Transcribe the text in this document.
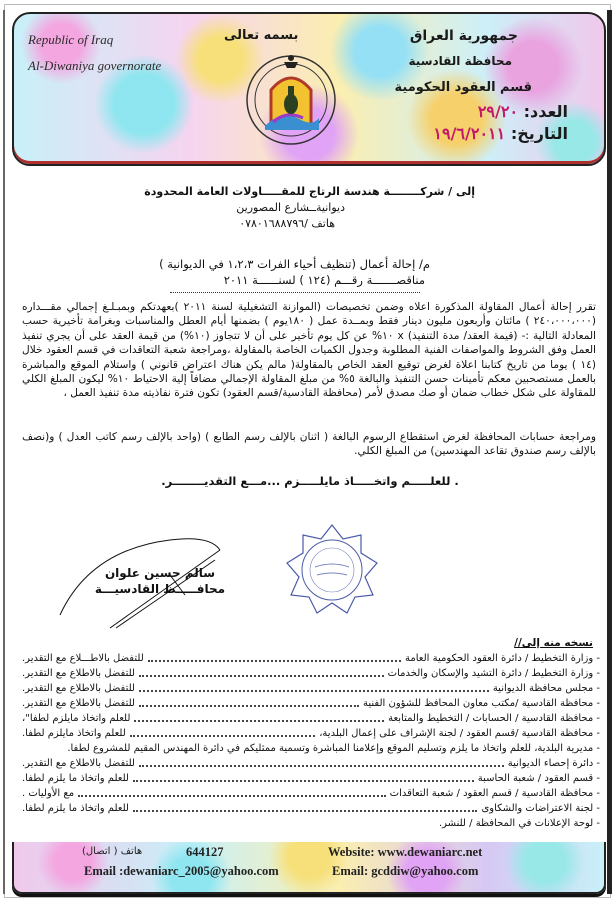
Republic of Iraq
Al-Diwaniya governorate
بسمه تعالى	جمهورية العراق
محافظة القادسية
قسم العقود الحكومية
العدد: ٢٩/٢٠
التاريخ: ١٩/٦/٢٠١١
إلى / شركــــــــة هندسة الرتاج للمقـــــاولات العامة المحدودة
ديوانيةــشارع المصورين
هاتف /٠٧٨٠١٦٨٨٧٩٦
م/ إحالة أعمال (تنظيف أحياء الفرات ١،٢،٣ في الديوانية )
مناقصـــــــة رقـــم (١٢٤ ) لسنــــــة ٢٠١١
تقرر إحالة أعمال المقاولة المذكورة اعلاه وضمن تخصيصات (الموازنة التشغيلية لسنة ٢٠١١ )بعهدتكم وبمبـلـغ إجمالي مقـــداره (٢٤٠،٠٠٠،٠٠٠ ) مائتان وأربعون مليون دينار فقط وبمــدة عمل ( ١٨٠يوم ) بضمنها أيام العطل والمناسبات وبغرامة تأخيرية حسب المعادلة التالية :- (قيمة العقد/ مدة التنفيذ) x ١٠% عن كل يوم تأخير على أن لا تتجاوز (١٠%) من قيمة العقد على أن يجري تنفيذ العمل وفق الشروط والمواصفات الفنية المطلوبة وجدول الكميات الخاصة بالمقاولة ،ومراجعة شعبة التعاقدات في قسم العقود خلال (١٤ ) يوما من تاريخ كتابنا اعلاة لغرض توقيع العقد الخاص بالمقاولة( مالم يكن هناك اعتراض قانوني ) واستلام الموقع والمباشرة بالعمل مستصحبين معكم تأمينات حسن التنفيذ والبالغة ٥% من مبلغ المقاولة الإجمالي مضافاً إلية الاحتياط ١٠% ليكون المبلغ الكلي للمقاولة على شكل خطاب ضمان أو صك مصدق لأمر (محافظة القادسية/قسم العقود) تكون فترة نفاذيته مدة تنفيذ العمل ،
ومراجعة حسابات المحافظة لغرض استقطاع الرسوم البالغة ( اثنان بالإلف رسم الطابع ) (واحد بالإلف رسم كاتب العدل ) و(نصف بالإلف رسم صندوق تقاعد المهندسين) من المبلغ الكلي.
. للعلـــــم واتخـــــاذ مايلـــــزم ...مـــع التقديــــــــر.
سالم حسين علوان
محافـــــظ القادسيـــة
نسخه منه إلى//
- وزارة التخطيط / دائرة العقود الحكومية العامة
للتفضل بالاطـــلاع مع التقدير.
- وزارة التخطيط / دائرة التشيد والإسكان والخدمات
للتفضل بالاطلاع مع التقدير.
- مجلس محافظة الديوانية
للتفضل بالاطلاع مع التقدير.
- محافظة القادسية /مكتب معاون المحافظ للشؤون الفنية
للتفضل بالاطلاع مع التقدير.
- محافظة القادسية / الحسابات / التخطيط والمتابعة
للعلم واتخاذ مايلزم لطفا"،
- محافظة القادسية /قسم العقود / لجنة الإشراف على إعمال البلدية،
للعلم واتخاذ مايلزم لطفا.
- مديرية البلدية، للعلم واتخاذ ما يلزم وتسليم الموقع وإعلامنا المباشرة وتسمية ممثليكم في دائرة المهندس المقيم للمشروع لطفا.
- دائرة إحصاء الديوانية
للتفضل بالاطلاع مع التقدير.
- قسم العقود / شعبة الحاسبة
للعلم واتخاذ ما يلزم لطفا.
- محافظة القادسية / قسم العقود / شعبة التعاقدات
مع الأوليات .
- لجنة الاعتراضات والشكاوى
للعلم واتخاذ ما يلزم لطفا.
- لوحة الإعلانات في المحافظة / للنشر.
هاتف ( اتصال)	644127	Website: www.dewaniarc.net
Email :dewaniarc_2005@yahoo.com	Email: gcddiw@yahoo.com
